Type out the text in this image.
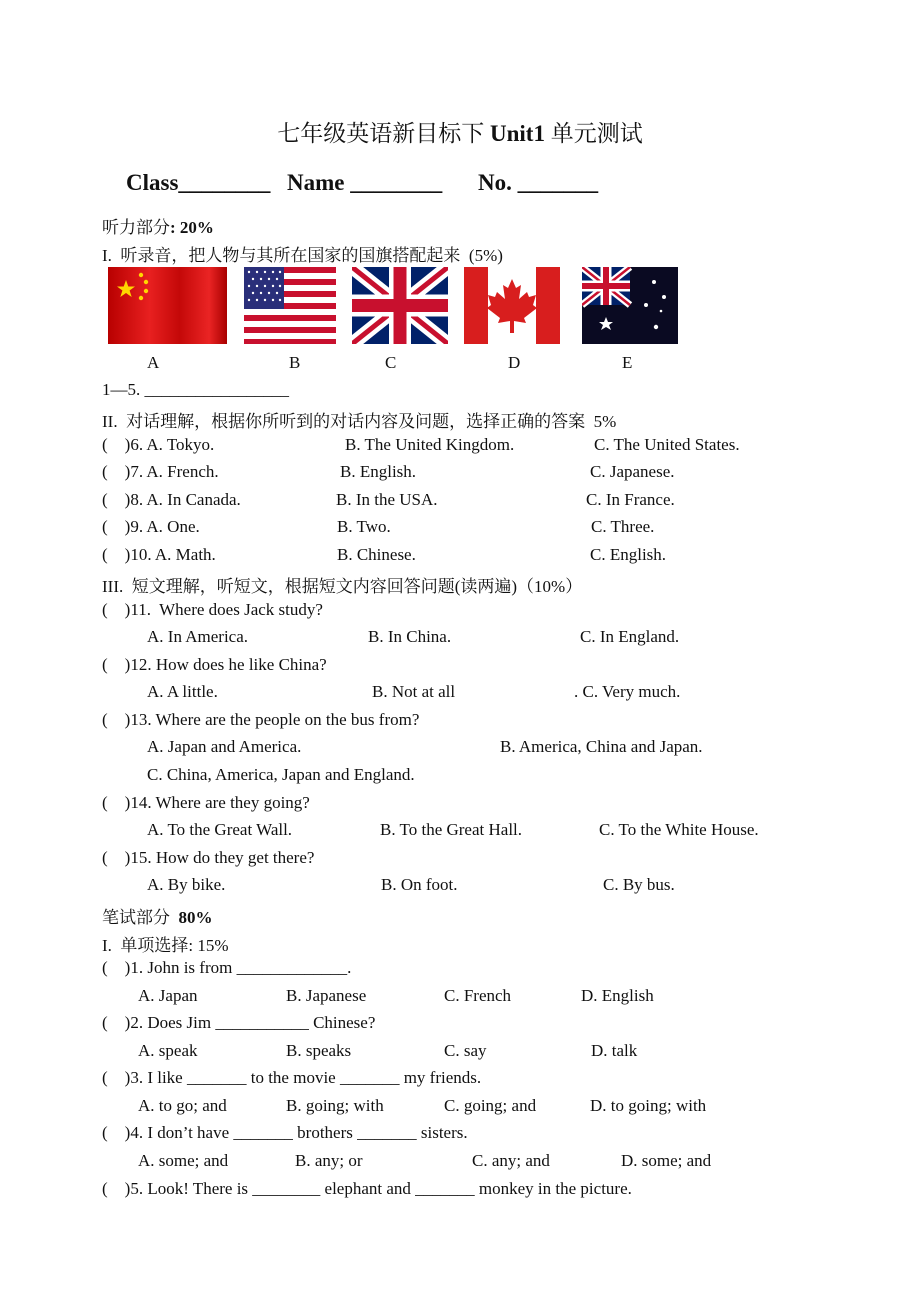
七年级英语新目标下 Unit1 单元测试
Class________ Name ________ No. _______
听力部分: 20%
I.  听录音，把人物与其所在国家的国旗搭配起来  (5%)
A	B	C	D	E
1—5. _________________
II.  对话理解，根据你所听到的对话内容及问题，选择正确的答案  5%
(    )6. A. Tokyo.	B. The United Kingdom.	C. The United States.
(    )7. A. French.	B. English.	C. Japanese.
(    )8. A. In Canada.	B. In the USA.	C. In France.
(    )9. A. One.	B. Two.	C. Three.
(    )10. A. Math.	B. Chinese.	C. English.
III.  短文理解，听短文，根据短文内容回答问题(读两遍)（10%）
(    )11.  Where does Jack study?
A. In America.	B. In China.	C. In England.
(    )12. How does he like China?
A. A little.	B. Not at all	. C. Very much.
(    )13. Where are the people on the bus from?
A. Japan and America.	B. America, China and Japan.
C. China, America, Japan and England.
(    )14. Where are they going?
A. To the Great Wall.	B. To the Great Hall.	C. To the White House.
(    )15. How do they get there?
A. By bike.	B. On foot.	C. By bus.
笔试部分  80%
I.  单项选择: 15%
(    )1. John is from _____________.
A. Japan	B. Japanese	C. French	D. English
(    )2. Does Jim ___________ Chinese?
A. speak	B. speaks	C. say	D. talk
(    )3. I like _______ to the movie _______ my friends.
A. to go; and	B. going; with	C. going; and	D. to going; with
(    )4. I don’t have _______ brothers _______ sisters.
A. some; and	B. any; or	C. any; and	D. some; and
(    )5. Look! There is ________ elephant and _______ monkey in the picture.
